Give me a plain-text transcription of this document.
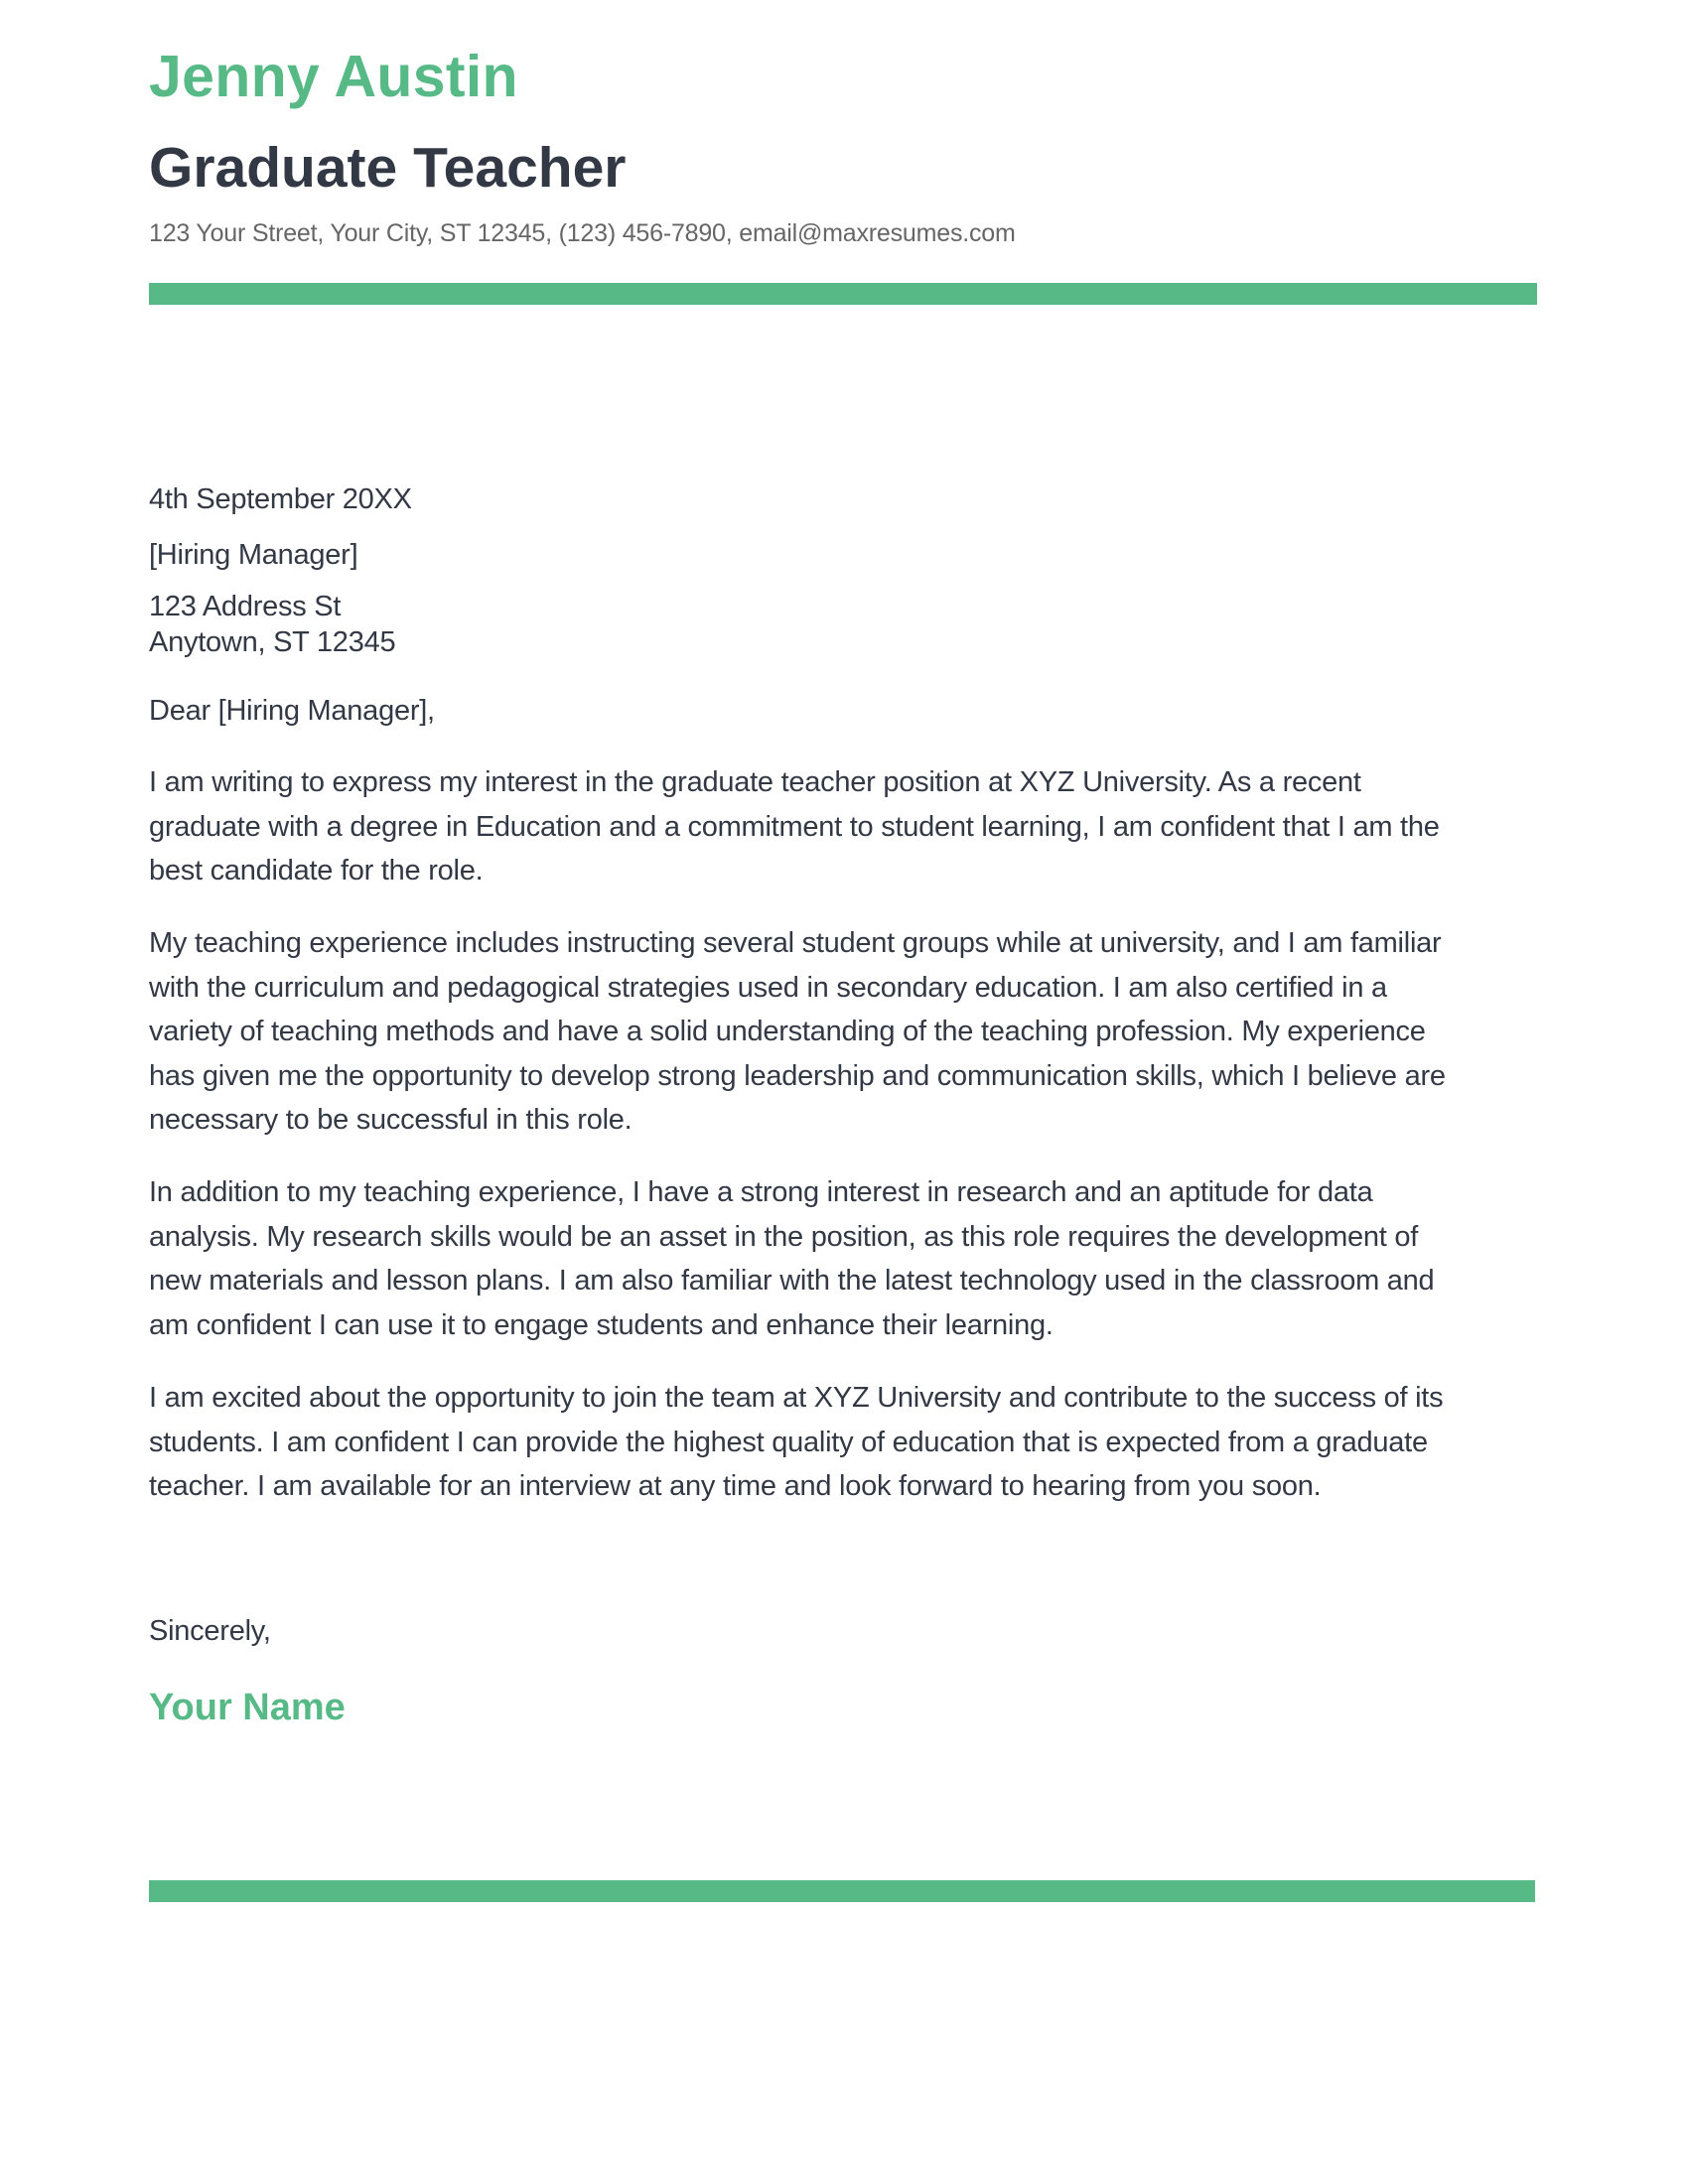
Jenny Austin
Graduate Teacher
123 Your Street, Your City, ST 12345, (123) 456-7890, email@maxresumes.com
4th September 20XX
[Hiring Manager]
123 Address St
Anytown, ST 12345
Dear [Hiring Manager],
I am writing to express my interest in the graduate teacher position at XYZ University. As a recent
graduate with a degree in Education and a commitment to student learning, I am confident that I am the
best candidate for the role.
My teaching experience includes instructing several student groups while at university, and I am familiar
with the curriculum and pedagogical strategies used in secondary education. I am also certified in a
variety of teaching methods and have a solid understanding of the teaching profession. My experience
has given me the opportunity to develop strong leadership and communication skills, which I believe are
necessary to be successful in this role.
In addition to my teaching experience, I have a strong interest in research and an aptitude for data
analysis. My research skills would be an asset in the position, as this role requires the development of
new materials and lesson plans. I am also familiar with the latest technology used in the classroom and
am confident I can use it to engage students and enhance their learning.
I am excited about the opportunity to join the team at XYZ University and contribute to the success of its
students. I am confident I can provide the highest quality of education that is expected from a graduate
teacher. I am available for an interview at any time and look forward to hearing from you soon.
Sincerely,
Your Name
